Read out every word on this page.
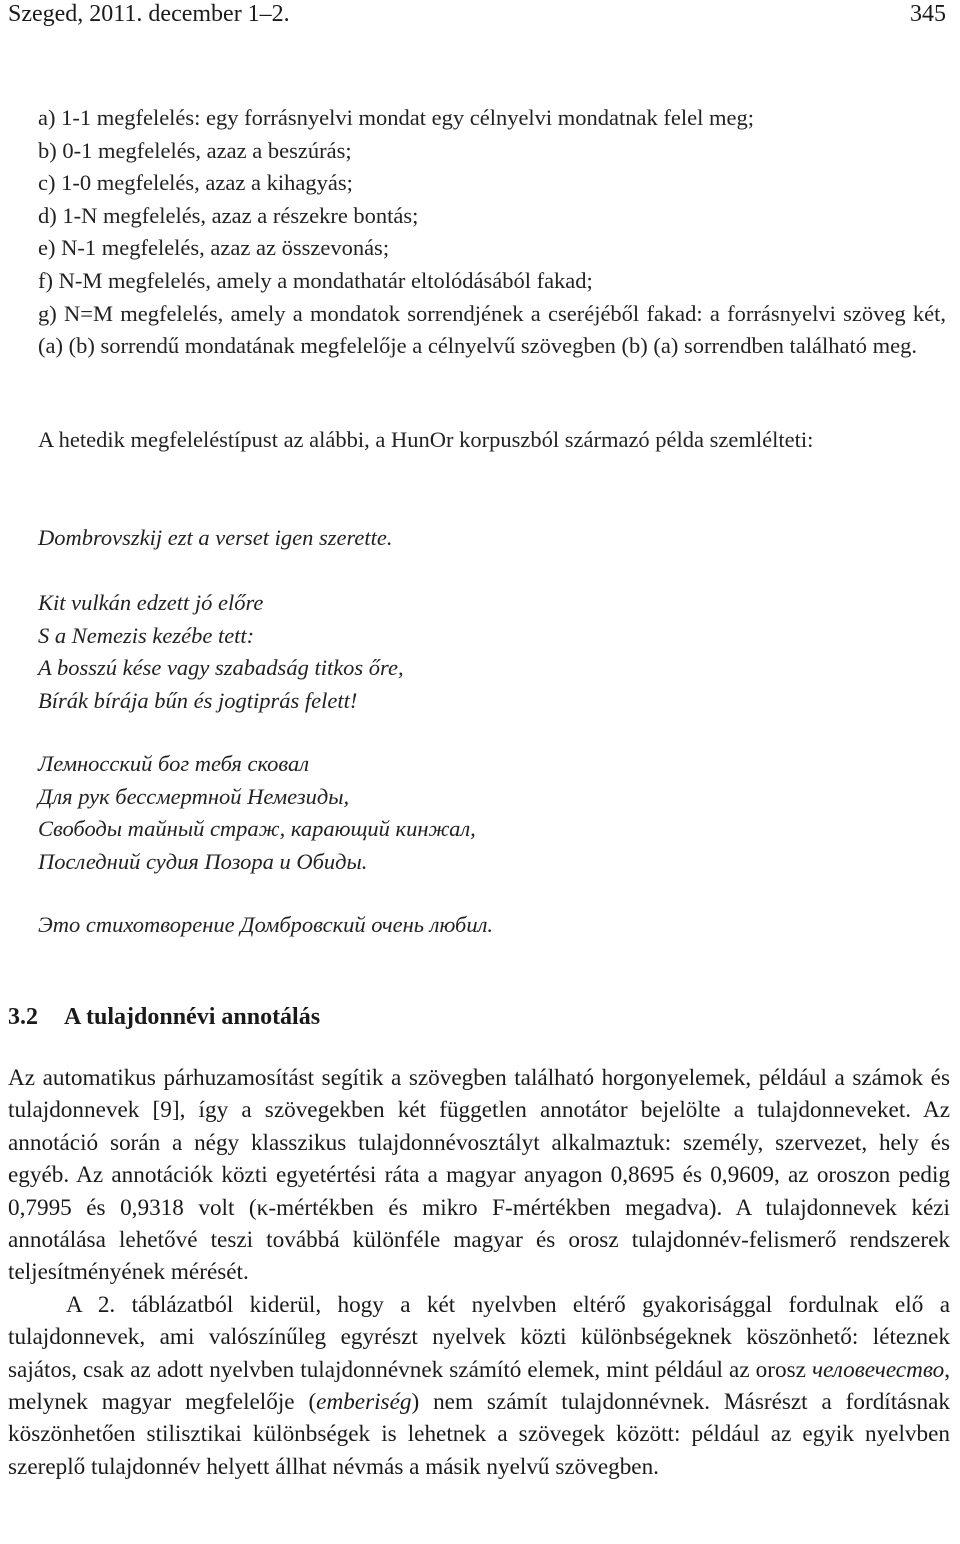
Szeged, 2011. december 1–2.	345
a) 1-1 megfelelés: egy forrásnyelvi mondat egy célnyelvi mondatnak felel meg;
b) 0-1 megfelelés, azaz a beszúrás;
c) 1-0 megfelelés, azaz a kihagyás;
d) 1-N megfelelés, azaz a részekre bontás;
e) N-1 megfelelés, azaz az összevonás;
f) N-M megfelelés, amely a mondathatár eltolódásából fakad;
g) N=M megfelelés, amely a mondatok sorrendjének a cseréjéből fakad: a forrásnyelvi szöveg két, (a) (b) sorrendű mondatának megfelelője a célnyelvű szövegben (b) (a) sorrendben található meg.
A hetedik megfeleléstípust az alábbi, a HunOr korpuszból származó példa szemlélteti:
Dombrovszkij ezt a verset igen szerette.
Kit vulkán edzett jó előre
S a Nemezis kezébe tett:
A bosszú kése vagy szabadság titkos őre,
Bírák bírája bűn és jogtiprás felett!
Лемносский бог тебя сковал
Для рук бессмертной Немезиды,
Свободы тайный страж, карающий кинжал,
Последний судия Позора и Обиды.
Это стихотворение Домбровский очень любил.
3.2 A tulajdonnévi annotálás

Az automatikus párhuzamosítást segítik a szövegben található horgonyelemek, például a számok és tulajdonnevek [9], így a szövegekben két független annotátor bejelölte a tulajdonneveket. Az annotáció során a négy klasszikus tulajdonnévosztályt alkalmaztuk: személy, szervezet, hely és egyéb. Az annotációk közti egyetértési ráta a magyar anyagon 0,8695 és 0,9609, az oroszon pedig 0,7995 és 0,9318 volt (κ-mértékben és mikro F-mértékben megadva). A tulajdonnevek kézi annotálása lehetővé teszi továbbá különféle magyar és orosz tulajdonnév-felismerő rendszerek teljesítményének mérését.

A 2. táblázatból kiderül, hogy a két nyelvben eltérő gyakorisággal fordulnak elő a tulajdonnevek, ami valószínűleg egyrészt nyelvek közti különbségeknek köszönhető: léteznek sajátos, csak az adott nyelvben tulajdonnévnek számító elemek, mint például az orosz человечество, melynek magyar megfelelője (emberiség) nem számít tulajdonnévnek. Másrészt a fordításnak köszönhetően stilisztikai különbségek is lehetnek a szövegek között: például az egyik nyelvben szereplő tulajdonnév helyett állhat névmás a másik nyelvű szövegben.
